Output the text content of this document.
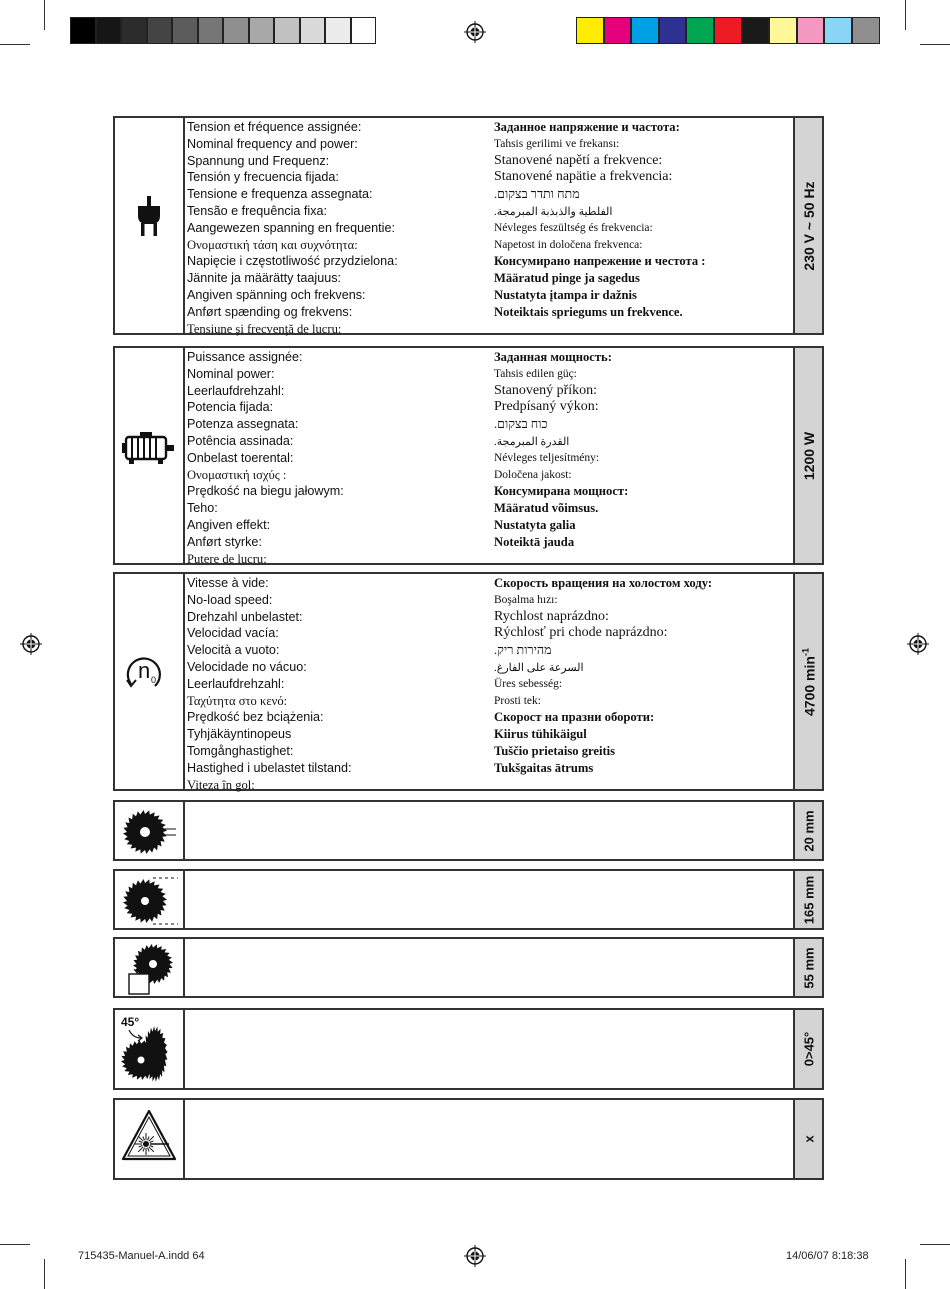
Tension et fréquence assignée:
Nominal frequency and power:
Spannung und Frequenz:
Tensión y frecuencia fijada:
Tensione e frequenza assegnata:
Tensão e frequência fixa:
Aangewezen spanning en frequentie:
Ονομαστική τάση και συχνότητα:
Napięcie i częstotliwość przydzielona:
Jännite ja määrätty taajuus:
Angiven spänning och frekvens:
Anført spænding og frekvens:
Tensiune şi frecvenţă de lucru:
Заданное напряжение и частота:
Tahsis gerilimi ve frekansı:
Stanovené napětí a frekvence:
Stanovené napätie a frekvencia:
מתח ותדר בצקום.
الفلطية والذبذبة المبرمجة.
Névleges feszültség és frekvencia:
Napetost in določena frekvenca:
Консумирано напрежение и честота :
Määratud pinge ja sagedus
Nustatyta įtampa ir dažnis
Noteiktais spriegums un frekvence.
230 V ~ 50 Hz
Puissance assignée:
Nominal power:
Leerlaufdrehzahl:
Potencia fijada:
Potenza assegnata:
Potência assinada:
Onbelast toerental:
Ονομαστική ισχύς :
Prędkość na biegu jałowym:
Teho:
Angiven effekt:
Anført styrke:
Putere de lucru:
Заданная мощность:
Tahsis edilen güç:
Stanovený příkon:
Predpísaný výkon:
כוח בצקום.
القدرة المبرمجة.
Névleges teljesítmény:
Določena jakost:
Консумирана мощност:
Määratud võimsus.
Nustatyta galia
Noteiktā jauda
1200 W
n 0
Vitesse à vide:
No-load speed:
Drehzahl unbelastet:
Velocidad vacía:
Velocità a vuoto:
Velocidade no vácuo:
Leerlaufdrehzahl:
Ταχύτητα στο κενό:
Prędkość bez bciążenia:
Tyhjäkäyntinopeus
Tomgånghastighet:
Hastighed i ubelastet tilstand:
Viteza în gol:
Скорость вращения на холостом ходу:
Boşalma hızı:
Rychlost naprázdno:
Rýchlosť pri chode naprázdno:
מהירות ריק.
السرعة على الفارغ.
Üres sebesség:
Prosti tek:
Скорост на празни обороти:
Kiirus tühikäigul
Tuščio prietaiso greitis
Tukšgaitas ātrums
4700 $\min^{-1}$
20 mm
165 mm
55 mm
45°
0>45°
x
715435-Manuel-A.indd 64	14/06/07 8:18:38
